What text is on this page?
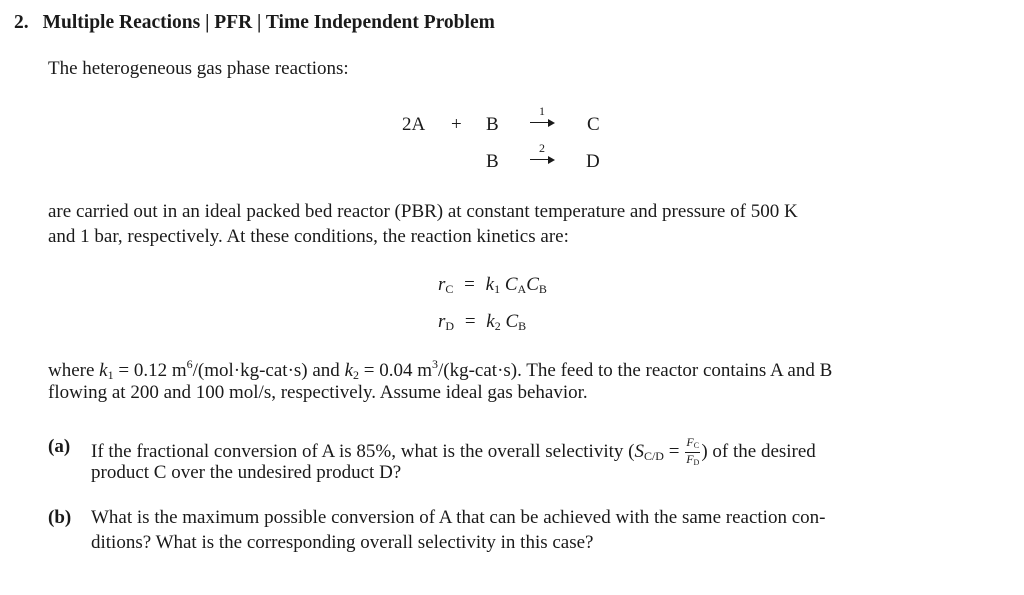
2. Multiple Reactions | PFR | Time Independent Problem
The heterogeneous gas phase reactions:
2A + B
1
C
B
2
D
are carried out in an ideal packed bed reactor (PBR) at constant temperature and pressure of 500 K
and 1 bar, respectively. At these conditions, the reaction kinetics are:
$r_C = k_1$ $C_AC_B$
$r_D = k_2$ $C_B$
where $k_1 = 0.12$ $m^6/(mol\cdot kg-cat\cdot s)$ and $k_2 = 0.04$ $m^3/(kg-cat\cdot s)$. The feed to the reactor contains A and B
flowing at 200 and 100 mol/s, respectively. Assume ideal gas behavior.
(a) If the fractional conversion of A is 85%, what is the overall selectivity ($S_{C/D} = \frac{F_C}{F_D}$ ) of the desired
product C over the undesired product D?
(b) What is the maximum possible conversion of A that can be achieved with the same reaction con-
ditions? What is the corresponding overall selectivity in this case?
